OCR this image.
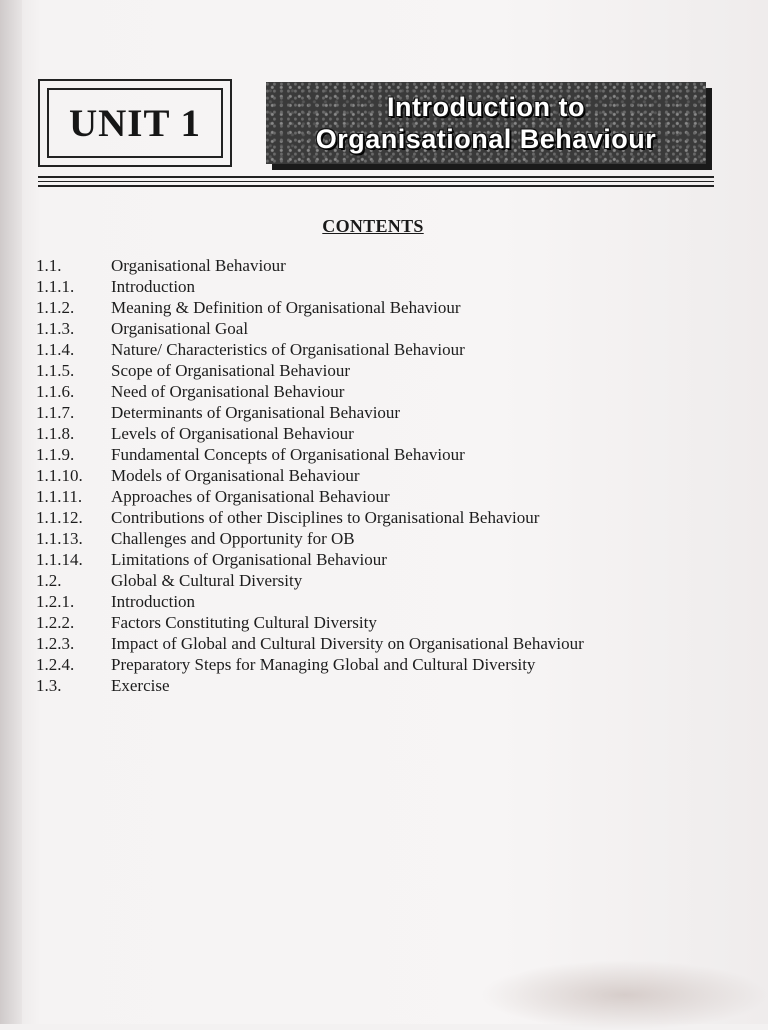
UNIT 1	Introduction to
Organisational Behaviour
CONTENTS
1.1.	Organisational Behaviour
1.1.1.	Introduction
1.1.2.	Meaning & Definition of Organisational Behaviour
1.1.3.	Organisational Goal
1.1.4.	Nature/ Characteristics of Organisational Behaviour
1.1.5.	Scope of Organisational Behaviour
1.1.6.	Need of Organisational Behaviour
1.1.7.	Determinants of Organisational Behaviour
1.1.8.	Levels of Organisational Behaviour
1.1.9.	Fundamental Concepts of Organisational Behaviour
1.1.10.	Models of Organisational Behaviour
1.1.11.	Approaches of Organisational Behaviour
1.1.12.	Contributions of other Disciplines to Organisational Behaviour
1.1.13.	Challenges and Opportunity for OB
1.1.14.	Limitations of Organisational Behaviour
1.2.	Global & Cultural Diversity
1.2.1.	Introduction
1.2.2.	Factors Constituting Cultural Diversity
1.2.3.	Impact of Global and Cultural Diversity on Organisational Behaviour
1.2.4.	Preparatory Steps for Managing Global and Cultural Diversity
1.3.	Exercise
